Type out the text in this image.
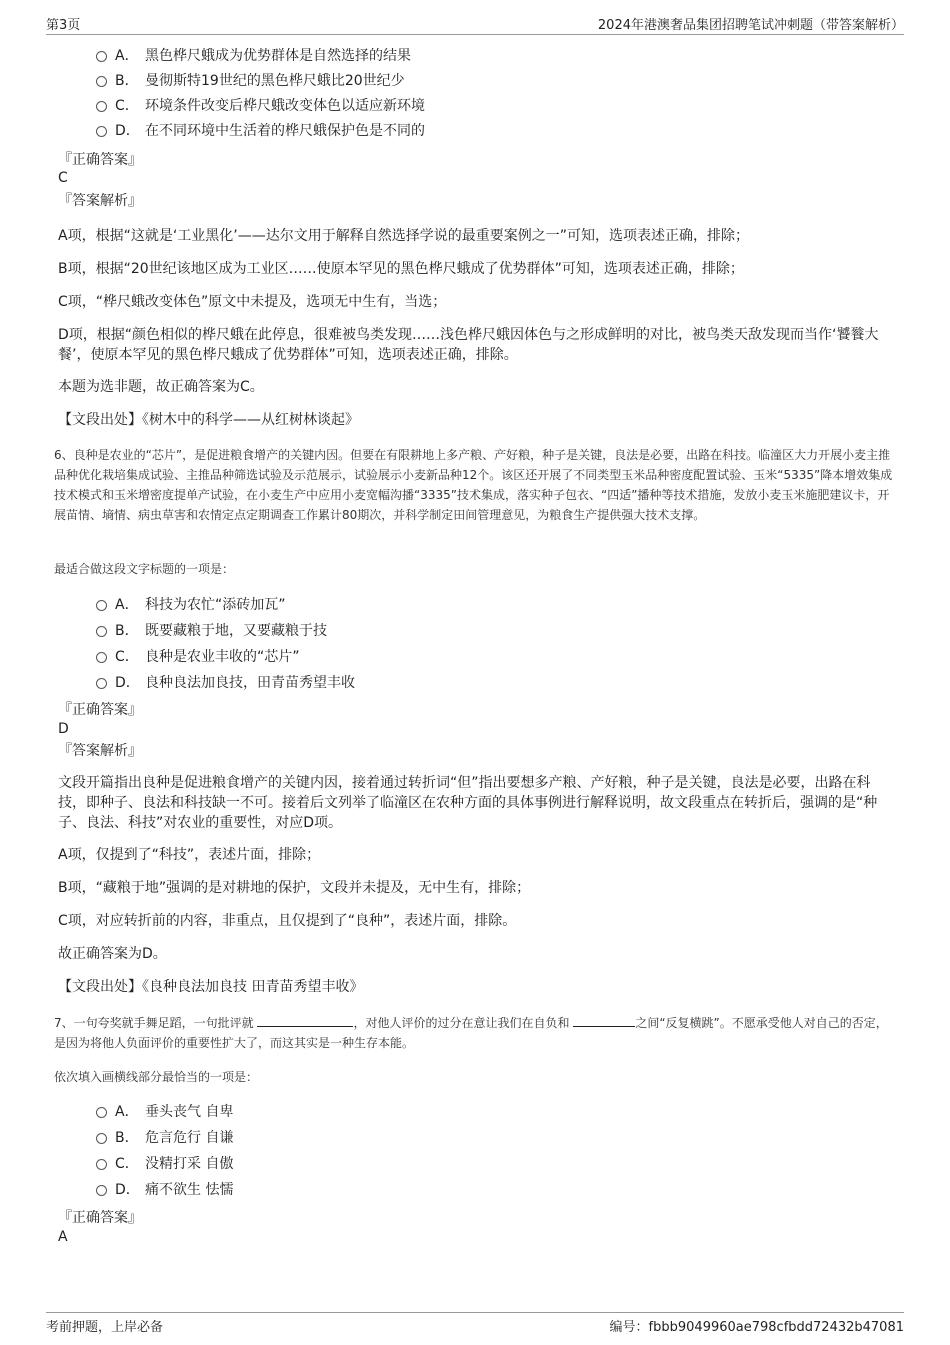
第3页	2024年港澳奢品集团招聘笔试冲刺题（带答案解析）
A． 黑色桦尺蛾成为优势群体是自然选择的结果
B． 曼彻斯特19世纪的黑色桦尺蛾比20世纪少
C． 环境条件改变后桦尺蛾改变体色以适应新环境
D． 在不同环境中生活着的桦尺蛾保护色是不同的
『正确答案』
C
『答案解析』
A项，根据“这就是‘工业黑化’——达尔文用于解释自然选择学说的最重要案例之一”可知，选项表述正确，排除；
B项，根据“20世纪该地区成为工业区……使原本罕见的黑色桦尺蛾成了优势群体”可知，选项表述正确，排除；
C项，“桦尺蛾改变体色”原文中未提及，选项无中生有，当选；
D项，根据“颜色相似的桦尺蛾在此停息，很难被鸟类发现……浅色桦尺蛾因体色与之形成鲜明的对比，被鸟类天敌发现而当作‘饕餮大餐’，使原本罕见的黑色桦尺蛾成了优势群体”可知，选项表述正确，排除。
本题为选非题，故正确答案为C。
【文段出处】《树木中的科学——从红树林谈起》
6、良种是农业的“芯片”，是促进粮食增产的关键内因。但要在有限耕地上多产粮、产好粮，种子是关键，良法是必要，出路在科技。临潼区大力开展小麦主推品种优化栽培集成试验、主推品种筛选试验及示范展示，试验展示小麦新品种12个。该区还开展了不同类型玉米品种密度配置试验、玉米“5335”降本增效集成技术模式和玉米增密度提单产试验，在小麦生产中应用小麦宽幅沟播“3335”技术集成，落实种子包衣、“四适”播种等技术措施，发放小麦玉米施肥建议卡，开展苗情、墒情、病虫草害和农情定点定期调查工作累计80期次，并科学制定田间管理意见，为粮食生产提供强大技术支撑。
最适合做这段文字标题的一项是：
A． 科技为农忙“添砖加瓦”
B． 既要藏粮于地，又要藏粮于技
C． 良种是农业丰收的“芯片”
D． 良种良法加良技，田青苗秀望丰收
『正确答案』
D
『答案解析』
文段开篇指出良种是促进粮食增产的关键内因，接着通过转折词“但”指出要想多产粮、产好粮，种子是关键，良法是必要，出路在科技，即种子、良法和科技缺一不可。接着后文列举了临潼区在农种方面的具体事例进行解释说明，故文段重点在转折后，强调的是“种子、良法、科技”对农业的重要性，对应D项。
A项，仅提到了“科技”，表述片面，排除；
B项，“藏粮于地”强调的是对耕地的保护，文段并未提及，无中生有，排除；
C项，对应转折前的内容，非重点，且仅提到了“良种”，表述片面，排除。
故正确答案为D。
【文段出处】《良种良法加良技 田青苗秀望丰收》
7、一句夸奖就手舞足蹈，一句批评就	，对他人评价的过分在意让我们在自负和	之间“反复横跳”。不愿承受他人对自己的否定，是因为将他人负面评价的重要性扩大了，而这其实是一种生存本能。
依次填入画横线部分最恰当的一项是：
A． 垂头丧气 自卑
B． 危言危行 自谦
C． 没精打采 自傲
D． 痛不欲生 怯懦
『正确答案』
A
考前押题，上岸必备	编号：fbbb9049960ae798cfbdd72432b47081
